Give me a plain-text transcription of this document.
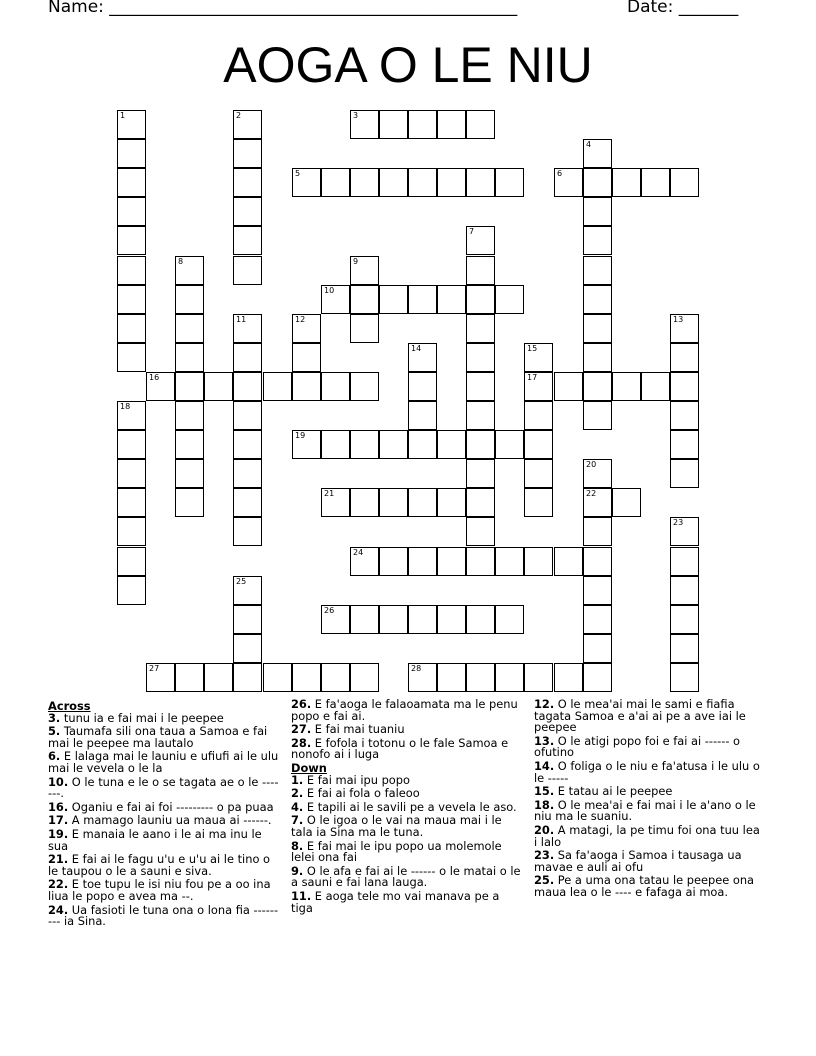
Name: ________________________________________________	Date: _______
AOGA O LE NIU
1	2	3
4
5	6
7
8	9
10
11	12	13
14	15
17
16
18
19
20
22
21
23
24
25
26
27	28
Across
3. tunu ia e fai mai i le peepee
5. Taumafa sili ona taua a Samoa e fai mai le peepee ma lautalo
6. E lalaga mai le launiu e ufiufi ai le ulu mai le vevela o le la
10. O le tuna e le o se tagata ae o le -------.
16. Oganiu e fai ai foi --------- o pa puaa
17. A mamago launiu ua maua ai ------.
19. E manaia le aano i le ai ma inu le sua
21. E fai ai le fagu u'u e u'u ai le tino o le taupou o le a sauni e siva.
22. E toe tupu le isi niu fou pe a oo ina liua le popo e avea ma --.
24. Ua fasioti le tuna ona o lona fia --------- ia Sina.
26. E fa'aoga le falaoamata ma le penu popo e fai ai.
27. E fai mai tuaniu
28. E fofola i totonu o le fale Samoa e nonofo ai i luga
Down
1. E fai mai ipu popo
2. E fai ai fola o faleoo
4. E tapili ai le savili pe a vevela le aso.
7. O le igoa o le vai na maua mai i le tala ia Sina ma le tuna.
8. E fai mai le ipu popo ua molemole lelei ona fai
9. O le afa e fai ai le ------ o le matai o le a sauni e fai lana lauga.
11. E aoga tele mo vai manava pe a tiga
12. O le mea'ai mai le sami e fiafia tagata Samoa e a'ai ai pe a ave iai le peepee
13. O le atigi popo foi e fai ai ------ o ofutino
14. O foliga o le niu e fa'atusa i le ulu o le -----
15. E tatau ai le peepee
18. O le mea'ai e fai mai i le a'ano o le niu ma le suaniu.
20. A matagi, la pe timu foi ona tuu lea i lalo
23. Sa fa'aoga i Samoa i tausaga ua mavae e auli ai ofu
25. Pe a uma ona tatau le peepee ona maua lea o le ---- e fafaga ai moa.
